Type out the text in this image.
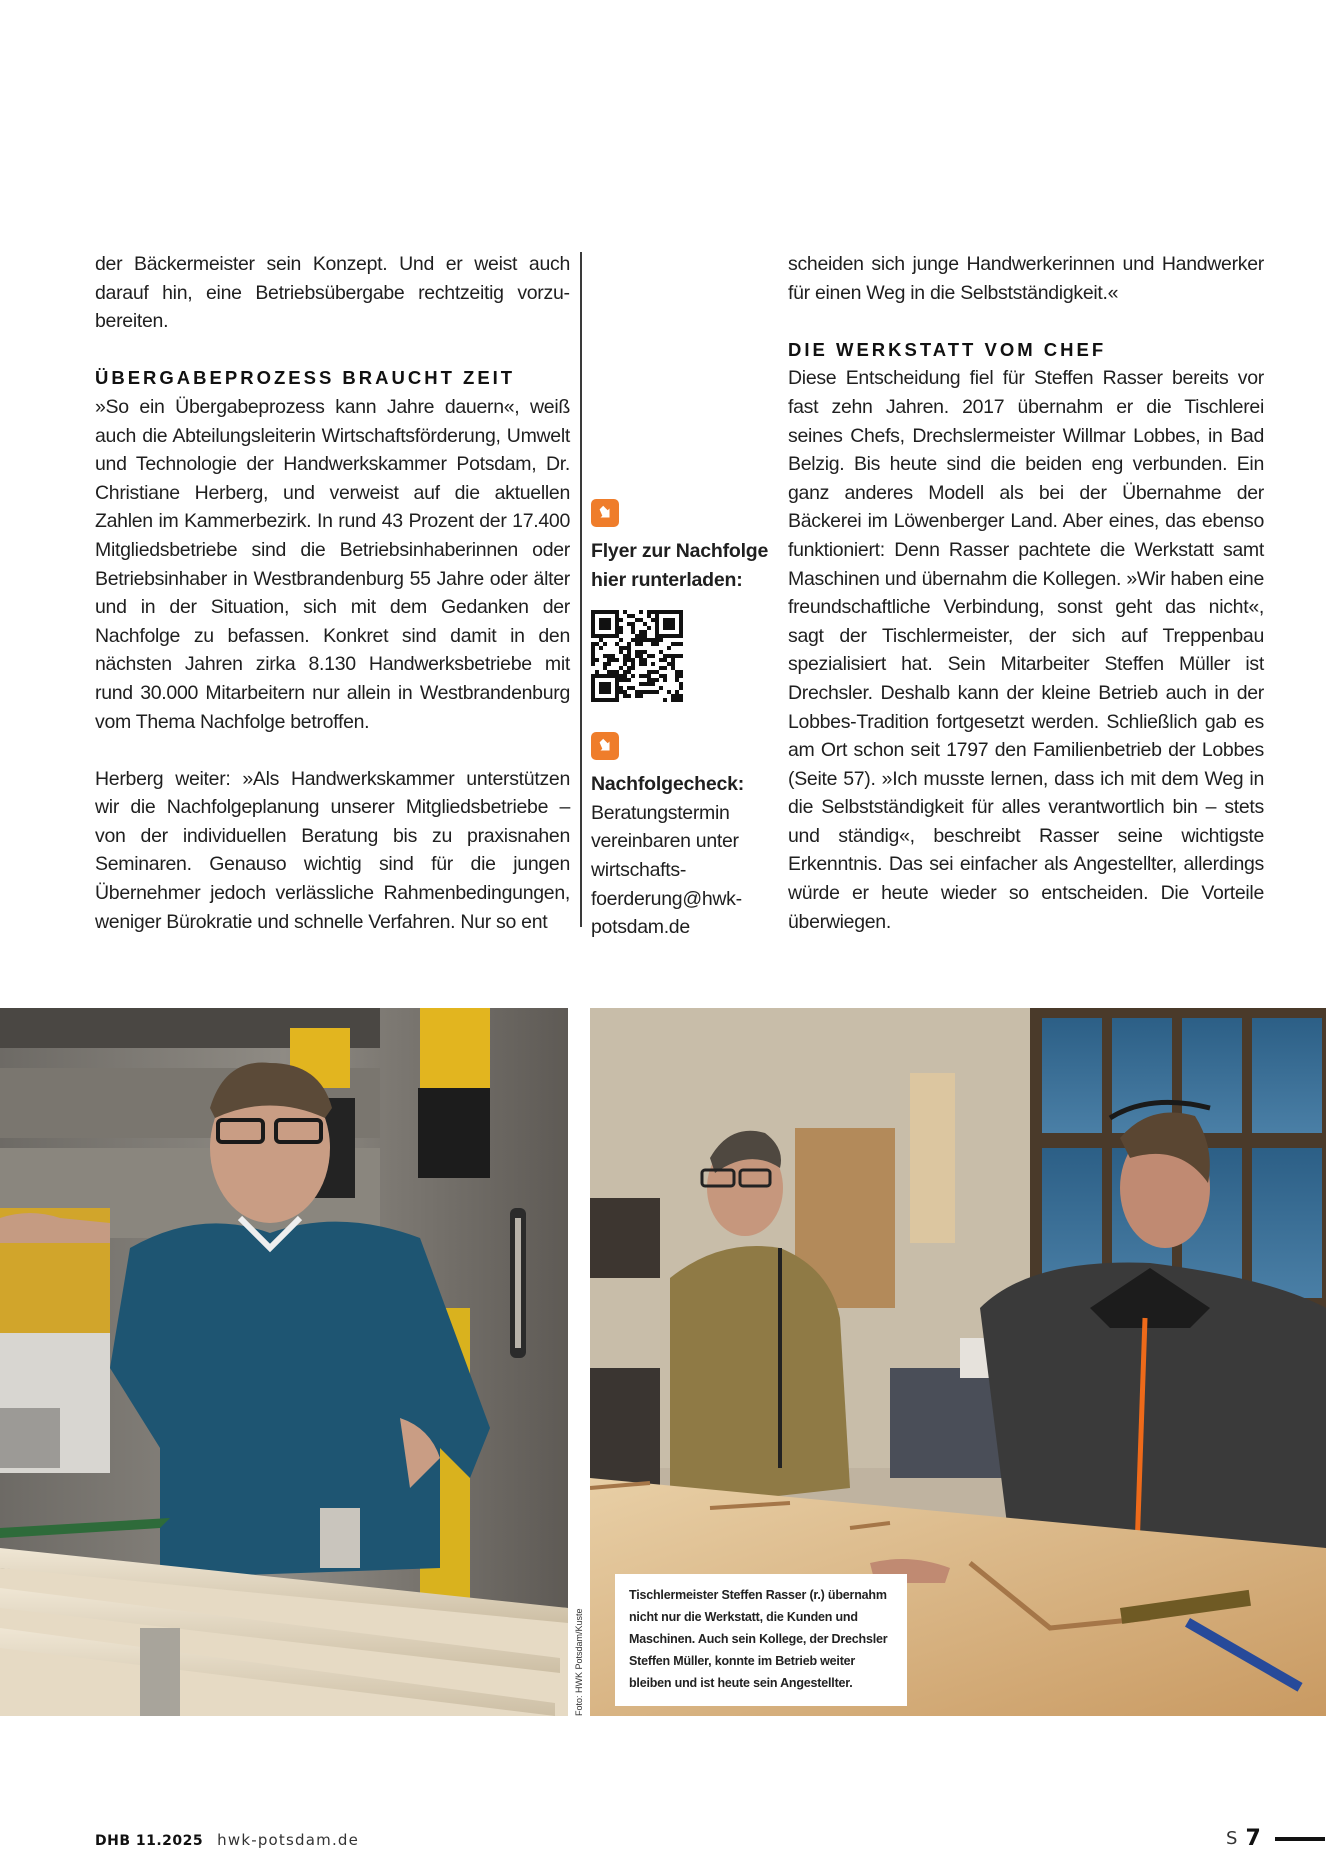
der Bäckermeister sein Konzept. Und er weist auch darauf hin, eine Betriebsübergabe rechtzeitig vorzubereiten.

ÜBERGABEPROZESS BRAUCHT ZEIT

»So ein Übergabeprozess kann Jahre dauern«, weiß auch die Abteilungsleiterin Wirtschaftsförderung, Umwelt und Technologie der Handwerkskammer Potsdam, Dr. Christiane Herberg, und verweist auf die aktuellen Zahlen im Kammerbezirk. In rund 43 Prozent der 17.400 Mitgliedsbetriebe sind die Betriebsinhaberinnen oder Betriebsinhaber in Westbrandenburg 55 Jahre oder älter und in der Situation, sich mit dem Gedanken der Nachfolge zu befassen. Konkret sind damit in den nächsten Jahren zirka 8.130 Handwerksbetriebe mit rund 30.000 Mitarbeitern nur allein in Westbrandenburg vom Thema Nachfolge betroffen.

Herberg weiter: »Als Handwerkskammer unterstützen wir die Nachfolgeplanung unserer Mitgliedsbetriebe – von der individuellen Beratung bis zu praxisnahen Seminaren. Genauso wichtig sind für die jungen Übernehmer jedoch verlässliche Rahmenbedingungen, weniger Bürokratie und schnelle Verfahren. Nur so ent

Flyer zur Nachfolge
hier runterladen:
Nachfolgecheck:
Beratungstermin vereinbaren unter wirtschaftsfoerderung@hwk-potsdam.de

scheiden sich junge Handwerkerinnen und Handwerker für einen Weg in die Selbstständigkeit.«

DIE WERKSTATT VOM CHEF

Diese Entscheidung fiel für Steffen Rasser bereits vor fast zehn Jahren. 2017 übernahm er die Tischlerei seines Chefs, Drechslermeister Willmar Lobbes, in Bad Belzig. Bis heute sind die beiden eng verbunden. Ein ganz anderes Modell als bei der Übernahme der Bäckerei im Löwenberger Land. Aber eines, das ebenso funktioniert: Denn Rasser pachtete die Werkstatt samt Maschinen und übernahm die Kollegen. »Wir haben eine freundschaftliche Verbindung, sonst geht das nicht«, sagt der Tischlermeister, der sich auf Treppenbau spezialisiert hat. Sein Mitarbeiter Steffen Müller ist Drechsler. Deshalb kann der kleine Betrieb auch in der Lobbes-Tradition fortgesetzt werden. Schließlich gab es am Ort schon seit 1797 den Familienbetrieb der Lobbes (Seite 57). »Ich musste lernen, dass ich mit dem Weg in die Selbstständigkeit für alles verantwortlich bin – stets und ständig«, beschreibt Rasser seine wichtigste Erkenntnis. Das sei einfacher als Angestellter, allerdings würde er heute wieder so entscheiden. Die Vorteile überwiegen.

Foto: HWK Potsdam/Kuste
Tischlermeister Steffen Rasser (r.) übernahm nicht nur die Werkstatt, die Kunden und Maschinen. Auch sein Kollege, der Drechsler Steffen Müller, konnte im Betrieb weiter bleiben und ist heute sein Angestellter.
DHB 11.2025 hwk-potsdam.de	S 7
